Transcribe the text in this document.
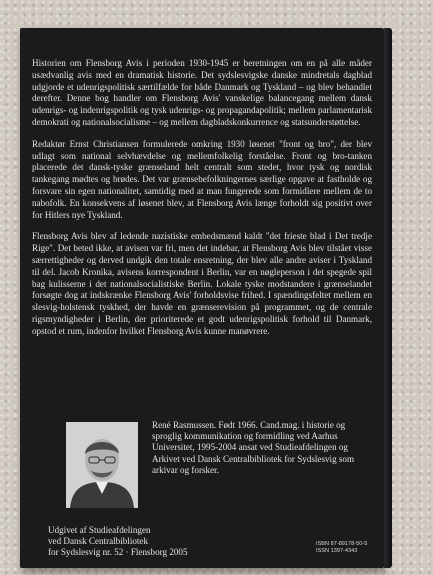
Historien om Flensborg Avis i perioden 1930-1945 er beretningen om en på alle måder usædvanlig avis med en dramatisk historie. Det sydslesvigske danske mindretals dagblad udgjorde et udenrigspolitisk særtilfælde for både Danmark og Tyskland – og blev behandlet derefter. Denne bog handler om Flensborg Avis' vanskelige balancegang mellem dansk udenrigs- og indenrigspolitik og tysk udenrigs- og propagandapolitik; mellem parlamentarisk demokrati og nationalsocialisme – og mellem dagbladskonkurrence og statsunderstøttelse.

Redaktør Ernst Christiansen formulerede omkring 1930 løsenet "front og bro", der blev udlagt som national selvhævdelse og mellemfolkelig forståelse. Front og bro-tanken placerede det dansk-tyske grænseland helt centralt som stedet, hvor tysk og nordisk tankegang mødtes og brødes. Det var grænsebefolkningernes særlige opgave at fastholde og forsvare sin egen nationalitet, samtidig med at man fungerede som formidlere mellem de to nabofolk. En konsekvens af løsenet blev, at Flensborg Avis længe forholdt sig positivt over for Hitlers nye Tyskland.

Flensborg Avis blev af ledende nazistiske embedsmænd kaldt "det frieste blad i Det tredje Rige". Det beted ikke, at avisen var fri, men det indebar, at Flensborg Avis blev tilstået visse særrettigheder og derved undgik den totale ensretning, der blev alle andre aviser i Tyskland til del. Jacob Kronika, avisens korrespondent i Berlin, var en nøgleperson i det spegede spil bag kulisserne i det nationalsocialistiske Berlin. Lokale tyske modstandere i grænselandet forsøgte dog at indskrænke Flensborg Avis' forholdsvise frihed. I spændingsfeltet mellem en slesvig-holstensk tyskhed, der havde en grænserevision på programmet, og de centrale rigsmyndigheder i Berlin, der prioriterede et godt udenrigspolitisk forhold til Danmark, opstod et rum, indenfor hvilket Flensborg Avis kunne manøvrere.

René Rasmussen. Født 1966. Cand.mag. i historie og sproglig kommunikation og formidling ved Aarhus Universitet, 1995-2004 ansat ved Studieafdelingen og Arkivet ved Dansk Centralbibliotek for Sydslesvig som arkivar og forsker.
Udgivet af Studieafdelingen
ved Dansk Centralbibliotek
for Sydslesvig nr. 52 · Flensborg 2005
ISBN 87-89178-50-5
ISSN 1397-4343
